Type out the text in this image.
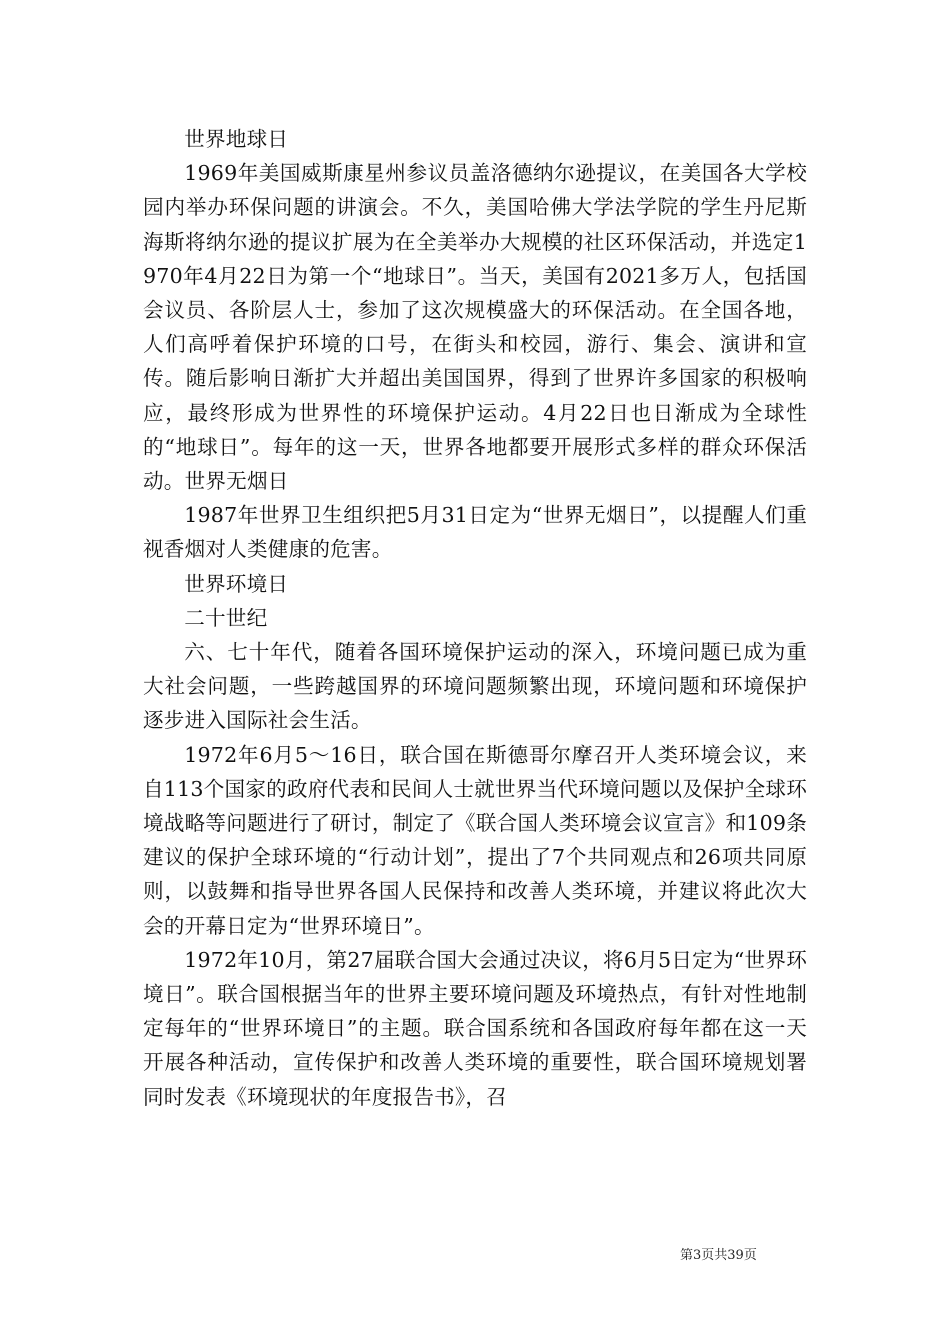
世界地球日

1969年美国威斯康星州参议员盖洛德纳尔逊提议，在美国各大学校园内举办环保问题的讲演会。不久，美国哈佛大学法学院的学生丹尼斯海斯将纳尔逊的提议扩展为在全美举办大规模的社区环保活动，并选定1970年4月22日为第一个“地球日”。当天，美国有2021多万人，包括国会议员、各阶层人士，参加了这次规模盛大的环保活动。在全国各地，人们高呼着保护环境的口号，在街头和校园，游行、集会、演讲和宣传。随后影响日渐扩大并超出美国国界，得到了世界许多国家的积极响应，最终形成为世界性的环境保护运动。4月22日也日渐成为全球性的“地球日”。每年的这一天，世界各地都要开展形式多样的群众环保活动。世界无烟日

1987年世界卫生组织把5月31日定为“世界无烟日”，以提醒人们重视香烟对人类健康的危害。

世界环境日

二十世纪

六、七十年代，随着各国环境保护运动的深入，环境问题已成为重大社会问题，一些跨越国界的环境问题频繁出现，环境问题和环境保护逐步进入国际社会生活。

1972年6月5～16日，联合国在斯德哥尔摩召开人类环境会议，来自113个国家的政府代表和民间人士就世界当代环境问题以及保护全球环境战略等问题进行了研讨，制定了《联合国人类环境会议宣言》和109条建议的保护全球环境的“行动计划”，提出了7个共同观点和26项共同原则，以鼓舞和指导世界各国人民保持和改善人类环境，并建议将此次大会的开幕日定为“世界环境日”。

1972年10月，第27届联合国大会通过决议，将6月5日定为“世界环境日”。联合国根据当年的世界主要环境问题及环境热点，有针对性地制定每年的“世界环境日”的主题。联合国系统和各国政府每年都在这一天开展各种活动，宣传保护和改善人类环境的重要性，联合国环境规划署同时发表《环境现状的年度报告书》，召

第3页共39页
